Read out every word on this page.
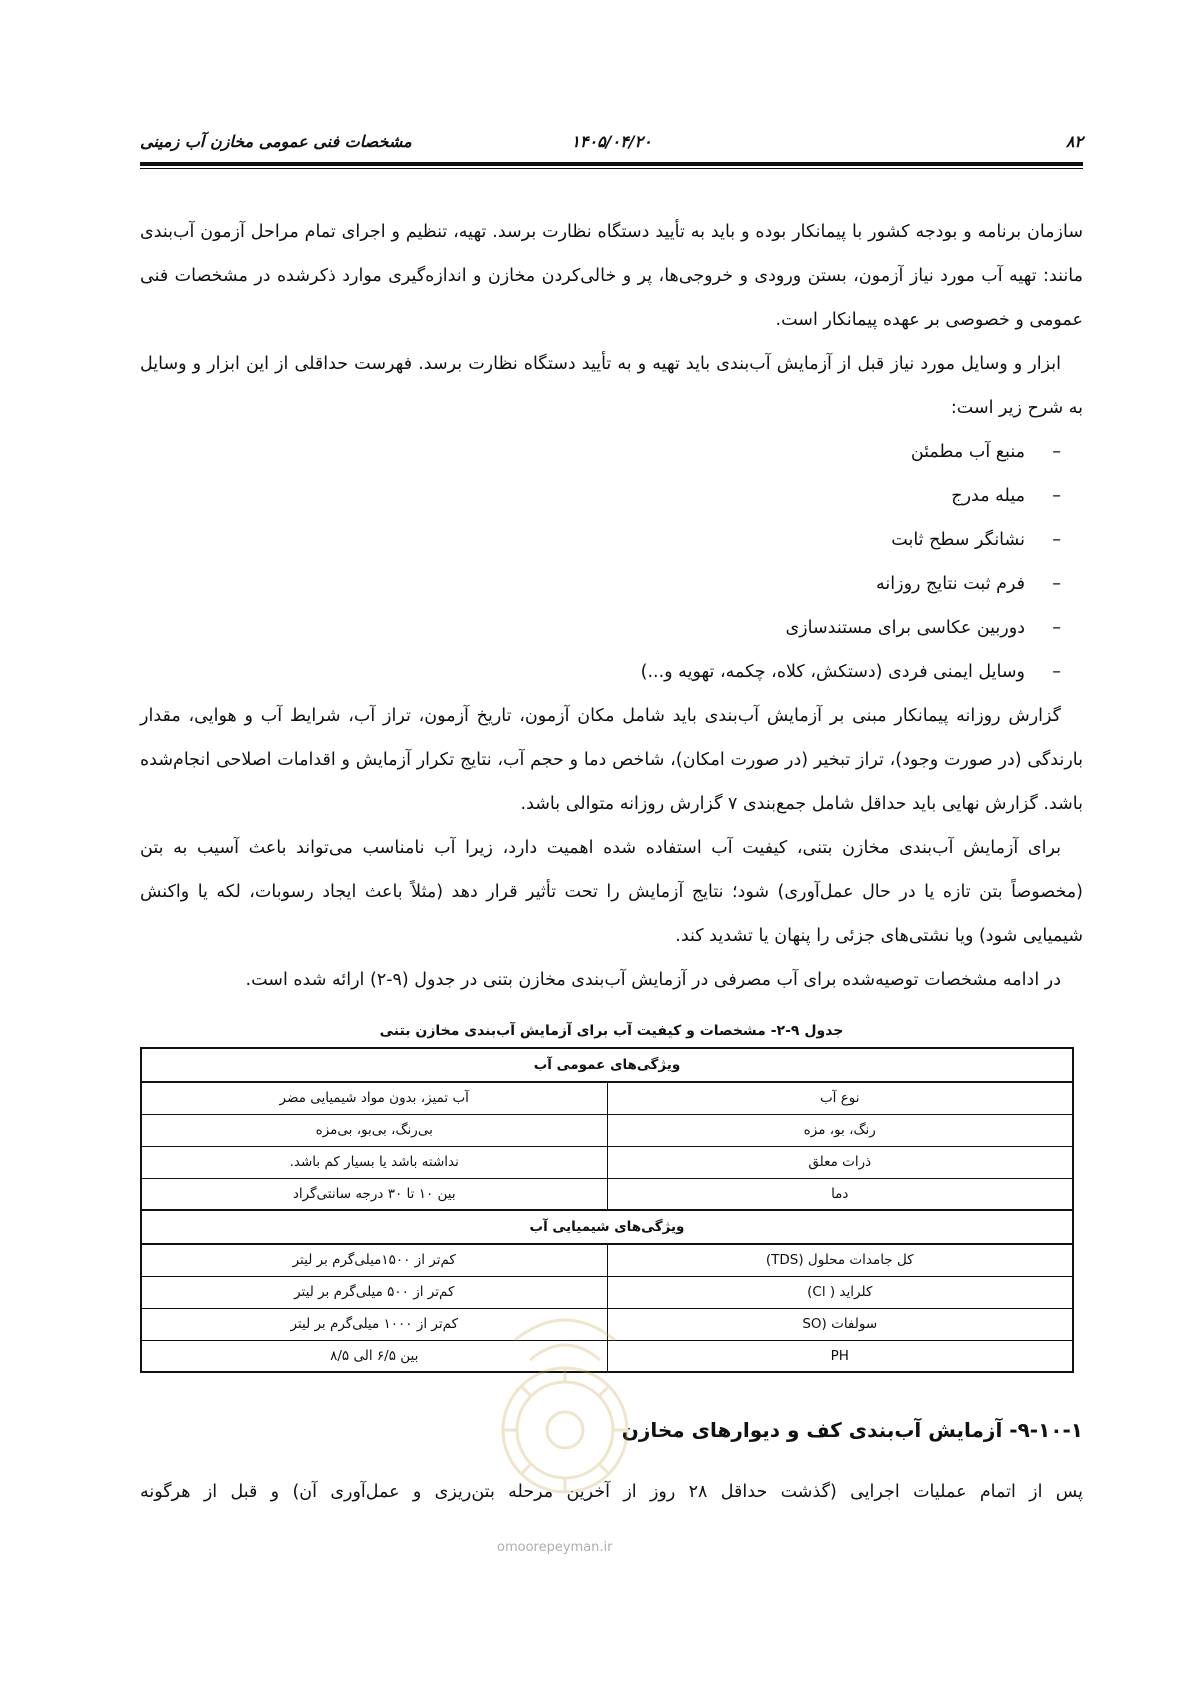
۸۲
۱۴۰۵/۰۴/۲۰
مشخصات فنی عمومی مخازن آب زمینی

سازمان برنامه و بودجه کشور با پیمانکار بوده و باید به تأیید دستگاه نظارت برسد. تهیه، تنظیم و اجرای تمام مراحل آزمون آب‌بندی مانند: تهیه آب مورد نیاز آزمون، بستن ورودی و خروجی‌ها، پر و خالی‌کردن مخازن و اندازه‌گیری موارد ذکرشده در مشخصات فنی عمومی و خصوصی بر عهده پیمانکار است.

ابزار و وسایل مورد نیاز قبل از آزمایش آب‌بندی باید تهیه و به تأیید دستگاه نظارت برسد. فهرست حداقلی از این ابزار و وسایل به شرح زیر است:

–
منبع آب مطمئن
–
میله مدرج
–
نشانگر سطح ثابت
–
فرم ثبت نتایج روزانه
–
دوربین عکاسی برای مستندسازی
–
وسایل ایمنی فردی (دستکش، کلاه، چکمه، تهویه و...)

گزارش روزانه پیمانکار مبنی بر آزمایش آب‌بندی باید شامل مکان آزمون، تاریخ آزمون، تراز آب، شرایط آب و هوایی، مقدار بارندگی (در صورت وجود)، تراز تبخیر (در صورت امکان)، شاخص دما و حجم آب، نتایج تکرار آزمایش و اقدامات اصلاحی انجام‌شده باشد. گزارش نهایی باید حداقل شامل جمع‌بندی ۷ گزارش روزانه متوالی باشد.

برای آزمایش آب‌بندی مخازن بتنی، کیفیت آب استفاده شده اهمیت دارد، زیرا آب نامناسب می‌تواند باعث آسیب به بتن (مخصوصاً بتن تازه یا در حال عمل‌آوری) شود؛ نتایج آزمایش را تحت تأثیر قرار دهد (مثلاً باعث ایجاد رسوبات، لکه یا واکنش شیمیایی شود) ویا نشتی‌های جزئی را پنهان یا تشدید کند.

در ادامه مشخصات توصیه‌شده برای آب مصرفی در آزمایش آب‌بندی مخازن بتنی در جدول (۹-۲) ارائه شده است.

جدول ۹-۲- مشخصات و کیفیت آب برای آزمایش آب‌بندی مخازن بتنی
ویژگی‌های عمومی آب	
نوع آب	آب تمیز، بدون مواد شیمیایی مضر
رنگ، بو، مزه	بی‌رنگ، بی‌بو، بی‌مزه
ذرات معلق	نداشته باشد یا بسیار کم باشد.
دما	بین ۱۰ تا ۳۰ درجه سانتی‌گراد
ویژگی‌های شیمیایی آب	
کل جامدات محلول (TDS)	کم‌تر از ۱۵۰۰میلی‌گرم بر لیتر
کلراید ( Cl)	کم‌تر از ۵۰۰ میلی‌گرم بر لیتر
سولفات (SO	کم‌تر از ۱۰۰۰ میلی‌گرم بر لیتر
PH	بین ۶/۵ الی ۸/۵
۹-۱۰-۱- آزمایش آب‌بندی کف و دیوارهای مخازن

پس از اتمام عملیات اجرایی (گذشت حداقل ۲۸ روز از آخرین مرحله بتن‌ریزی و عمل‌آوری آن) و قبل از هرگونه

omoorepeyman.ir
